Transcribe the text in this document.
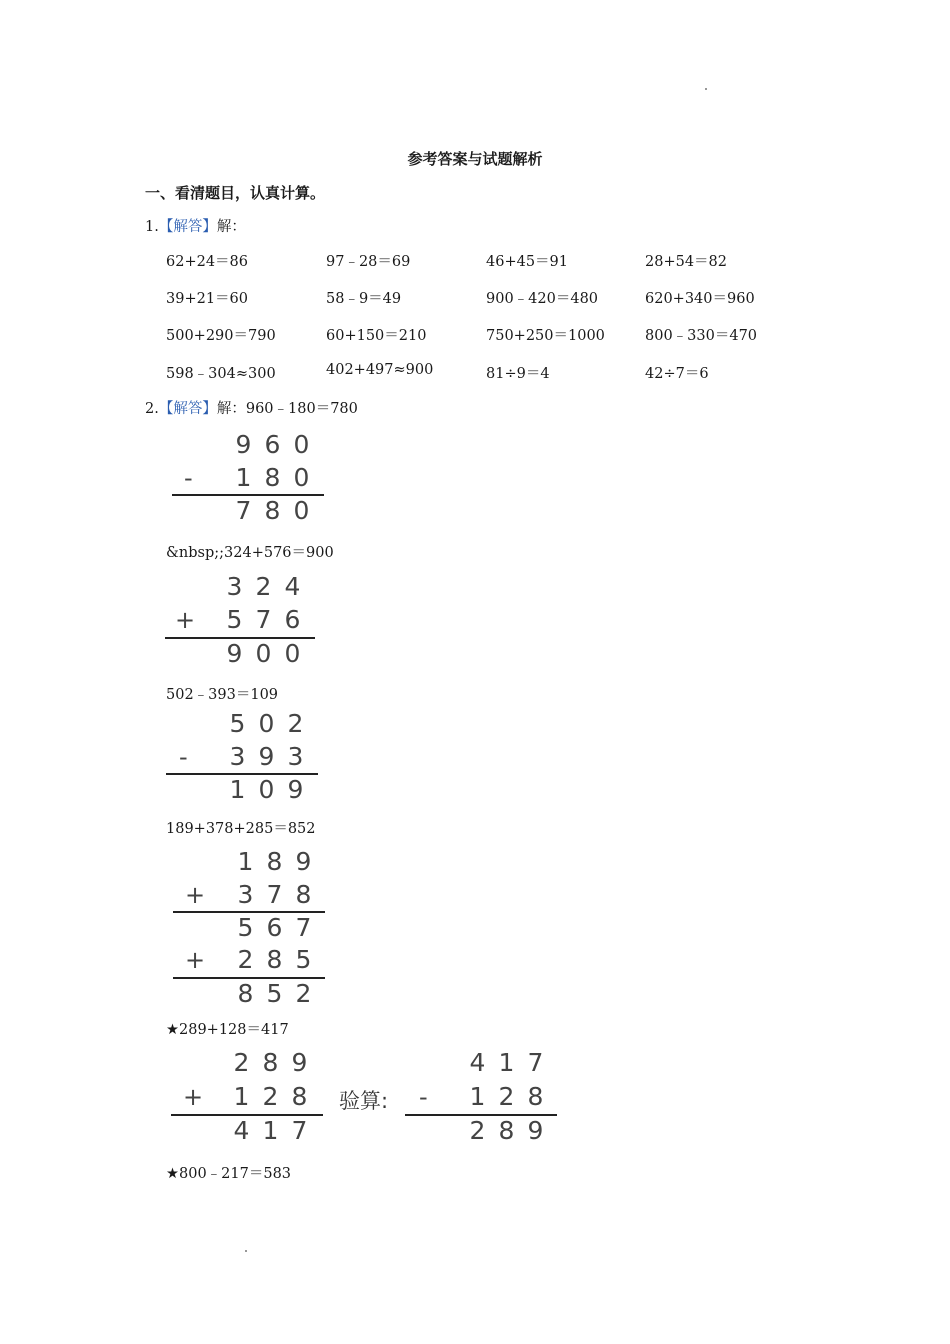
参考答案与试题解析
一、看清题目，认真计算。
1.【解答】解：
62+24＝86	97﹣28＝69	46+45＝91	28+54＝82
39+21＝60	58﹣9＝49	900﹣420＝480	620+340＝960
500+290＝790	60+150＝210	750+250＝1000	800﹣330＝470
598﹣304≈300	402+497≈900	81÷9＝4	42÷7＝6
2.【解答】解：960﹣180＝780
9 6 0
- 1 8 0
7 8 0
&nbsp;;324+576＝900
3 2 4
+ 5 7 6
9 0 0
502﹣393＝109
5 0 2
- 3 9 3
1 0 9
189+378+285＝852
1 8 9
+ 3 7 8
5 6 7
+ 2 8 5
8 5 2
★289+128＝417
2 8 9
+ 1 2 8
4 1 7
验算:
4 1 7
- 1 2 8
2 8 9
★800﹣217＝583
